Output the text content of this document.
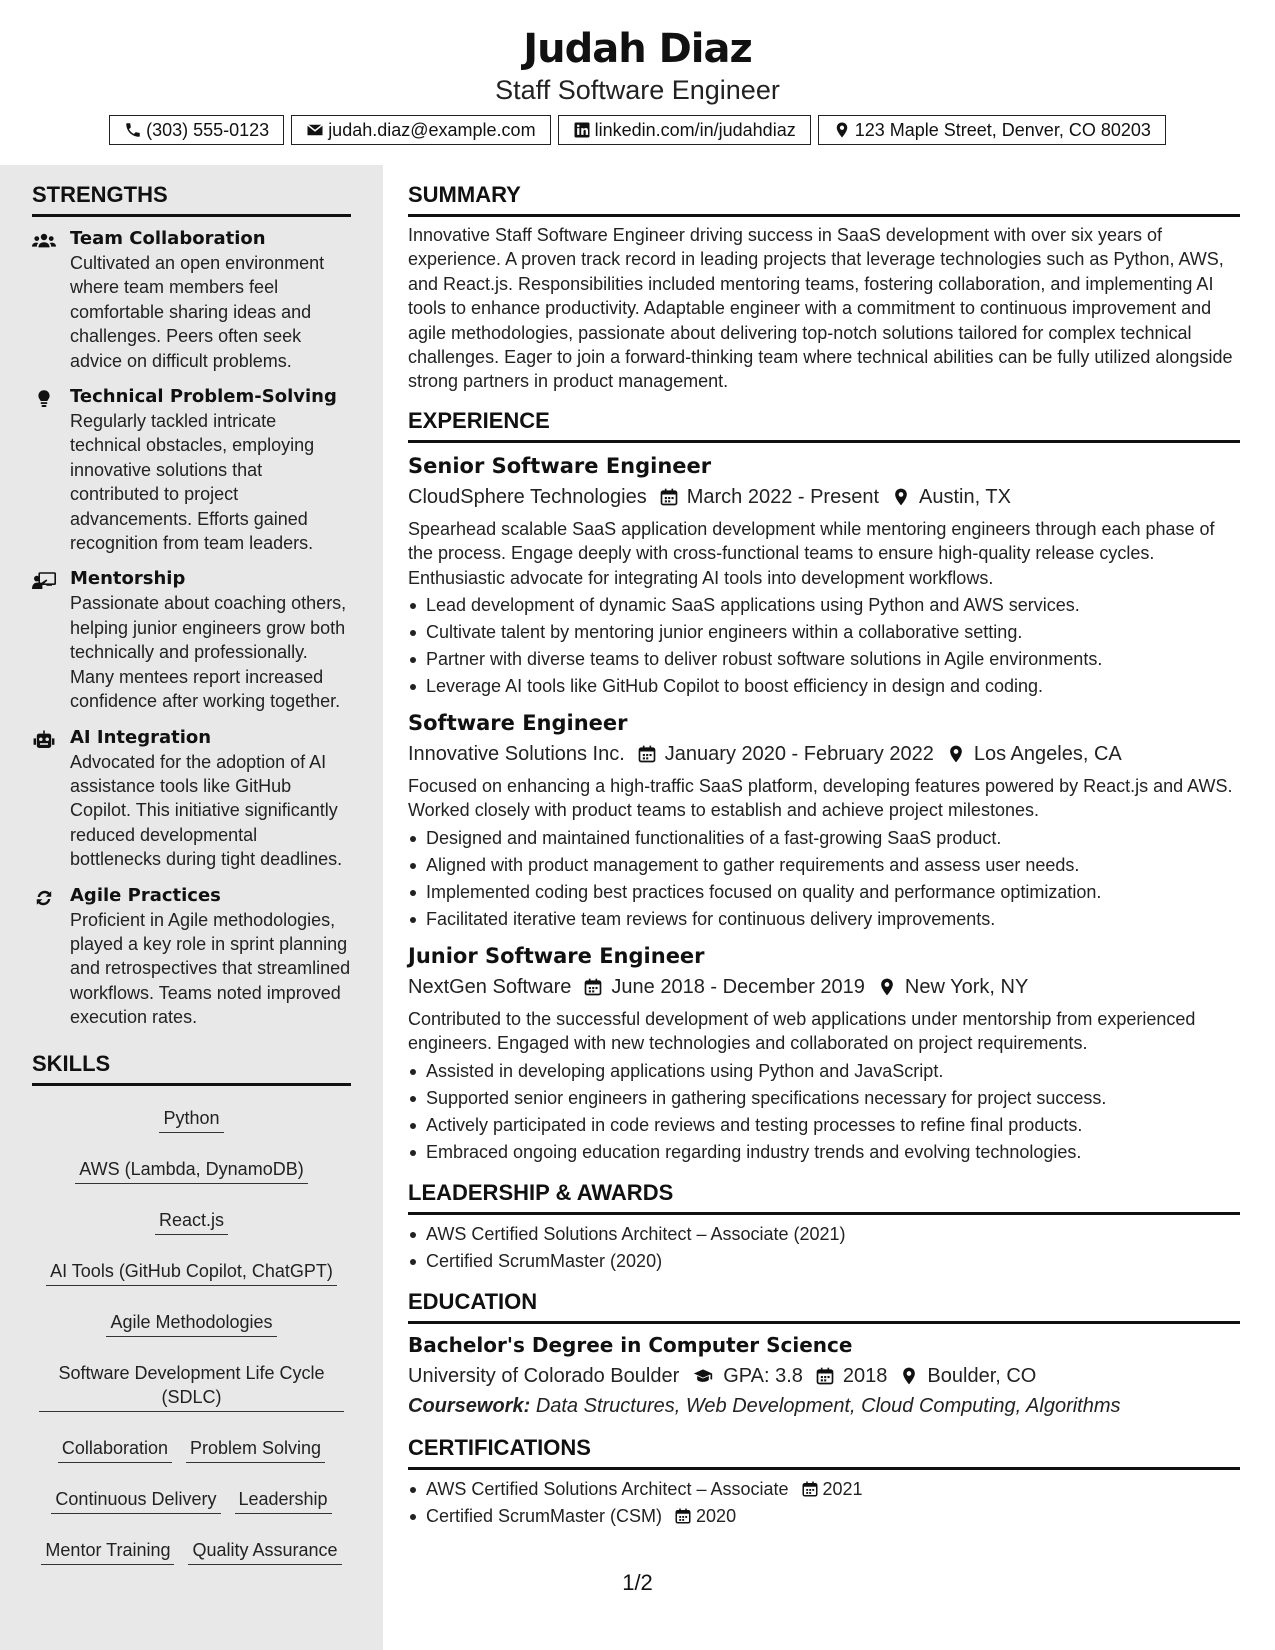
Judah Diaz
Staff Software Engineer
(303) 555-0123	judah.diaz@example.com	linkedin.com/in/judahdiaz	123 Maple Street, Denver, CO 80203
STRENGTHS
Team Collaboration

Cultivated an open environment where team members feel comfortable sharing ideas and challenges. Peers often seek advice on difficult problems.

Technical Problem-Solving

Regularly tackled intricate technical obstacles, employing innovative solutions that contributed to project advancements. Efforts gained recognition from team leaders.

Mentorship

Passionate about coaching others, helping junior engineers grow both technically and professionally. Many mentees report increased confidence after working together.

AI Integration

Advocated for the adoption of AI assistance tools like GitHub Copilot. This initiative significantly reduced developmental bottlenecks during tight deadlines.

Agile Practices

Proficient in Agile methodologies, played a key role in sprint planning and retrospectives that streamlined workflows. Teams noted improved execution rates.

SKILLS
Python
AWS (Lambda, DynamoDB)
React.js
AI Tools (GitHub Copilot, ChatGPT)
Agile Methodologies
Software Development Life Cycle (SDLC)
Collaboration Problem Solving
Continuous Delivery Leadership
Mentor Training Quality Assurance
SUMMARY

Innovative Staff Software Engineer driving success in SaaS development with over six years of experience. A proven track record in leading projects that leverage technologies such as Python, AWS, and React.js. Responsibilities included mentoring teams, fostering collaboration, and implementing AI tools to enhance productivity. Adaptable engineer with a commitment to continuous improvement and agile methodologies, passionate about delivering top-notch solutions tailored for complex technical challenges. Eager to join a forward-thinking team where technical abilities can be fully utilized alongside strong partners in product management.

EXPERIENCE
Senior Software Engineer
CloudSphere Technologies March 2022 - Present Austin, TX

Spearhead scalable SaaS application development while mentoring engineers through each phase of the process. Engage deeply with cross-functional teams to ensure high-quality release cycles. Enthusiastic advocate for integrating AI tools into development workflows.

Lead development of dynamic SaaS applications using Python and AWS services.
Cultivate talent by mentoring junior engineers within a collaborative setting.
Partner with diverse teams to deliver robust software solutions in Agile environments.
Leverage AI tools like GitHub Copilot to boost efficiency in design and coding.
Software Engineer
Innovative Solutions Inc. January 2020 - February 2022 Los Angeles, CA

Focused on enhancing a high-traffic SaaS platform, developing features powered by React.js and AWS. Worked closely with product teams to establish and achieve project milestones.

Designed and maintained functionalities of a fast-growing SaaS product.
Aligned with product management to gather requirements and assess user needs.
Implemented coding best practices focused on quality and performance optimization.
Facilitated iterative team reviews for continuous delivery improvements.
Junior Software Engineer
NextGen Software June 2018 - December 2019 New York, NY

Contributed to the successful development of web applications under mentorship from experienced engineers. Engaged with new technologies and collaborated on project requirements.

Assisted in developing applications using Python and JavaScript.
Supported senior engineers in gathering specifications necessary for project success.
Actively participated in code reviews and testing processes to refine final products.
Embraced ongoing education regarding industry trends and evolving technologies.
LEADERSHIP & AWARDS
AWS Certified Solutions Architect – Associate (2021)
Certified ScrumMaster (2020)
EDUCATION
Bachelor's Degree in Computer Science
University of Colorado Boulder GPA: 3.8 2018 Boulder, CO
Coursework: Data Structures, Web Development, Cloud Computing, Algorithms
CERTIFICATIONS
AWS Certified Solutions Architect – Associate 2021
Certified ScrumMaster (CSM) 2020
1/2
